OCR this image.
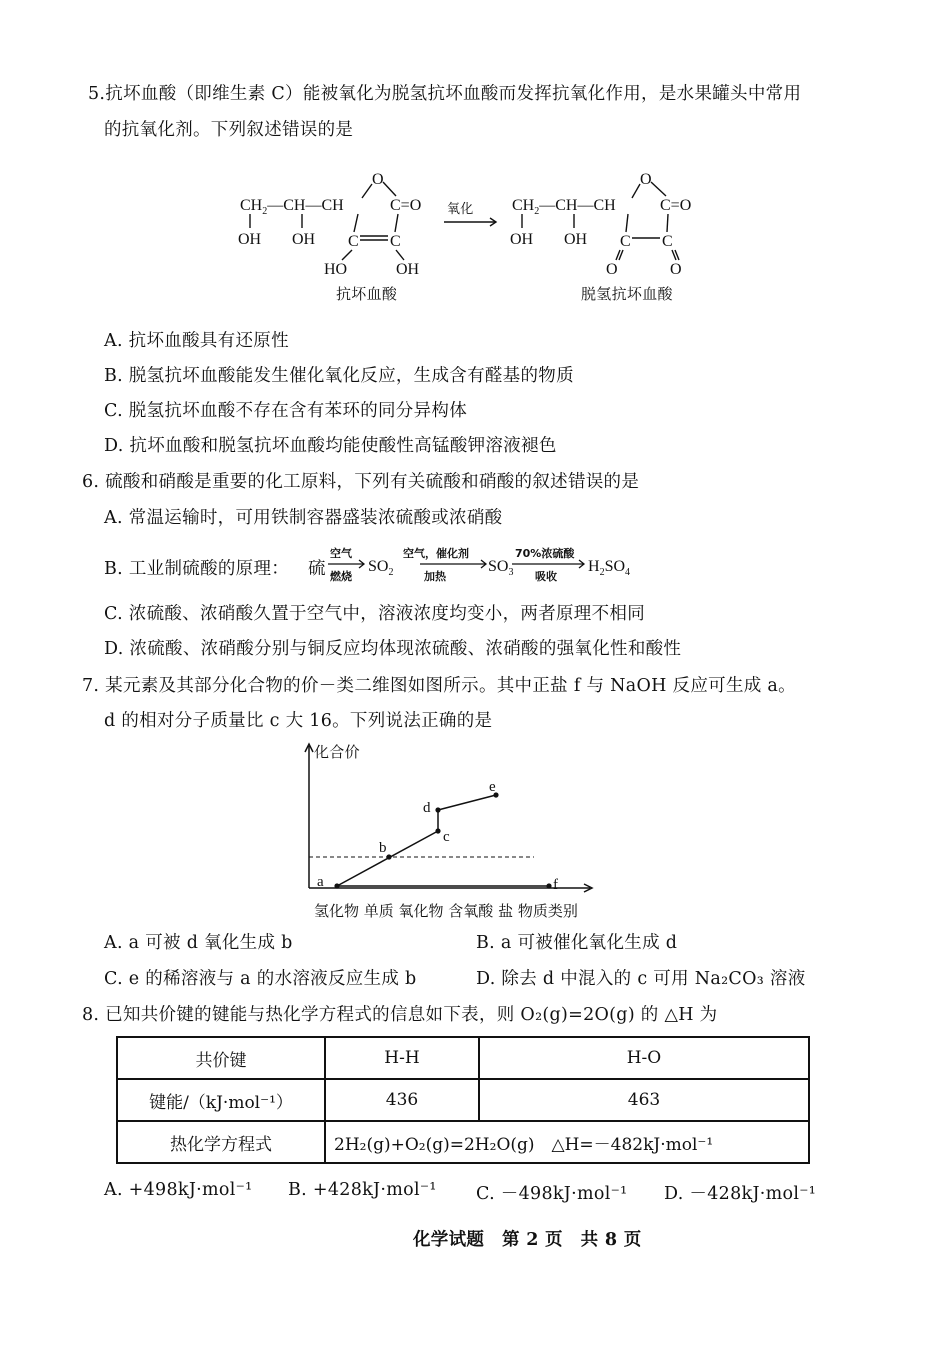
5.抗坏血酸（即维生素 C）能被氧化为脱氢抗坏血酸而发挥抗氧化作用，是水果罐头中常用
的抗氧化剂。下列叙述错误的是
$CH_2—CH—CH$
OH OH
O
C=O
C C
HO	OH
$CH_2—CH—CH$
OH OH
O
C=O
C C
O	O
氧化
抗坏血酸	脱氢抗坏血酸
A. 抗坏血酸具有还原性
B. 脱氢抗坏血酸能发生催化氧化反应，生成含有醛基的物质
C. 脱氢抗坏血酸不存在含有苯环的同分异构体
D. 抗坏血酸和脱氢抗坏血酸均能使酸性高锰酸钾溶液褪色
6. 硫酸和硝酸是重要的化工原料，下列有关硫酸和硝酸的叙述错误的是
A. 常温运输时，可用铁制容器盛装浓硫酸或浓硝酸
B. 工业制硫酸的原理： 硫	$SO_2$	$SO_3$	$H_2SO_4$
空气
燃烧
空气，催化剂
加热
70%浓硫酸
吸收
C. 浓硫酸、浓硝酸久置于空气中，溶液浓度均变小，两者原理不相同
D. 浓硫酸、浓硝酸分别与铜反应均体现浓硫酸、浓硝酸的强氧化性和酸性
7. 某元素及其部分化合物的价－类二维图如图所示。其中正盐 f 与 NaOH 反应可生成 a。
d 的相对分子质量比 c 大 16。下列说法正确的是
a
b
c
d
e
f
化合价
氢化物 单质 氧化物 含氧酸 盐 物质类别
A. a 可被 d 氧化生成 b	B. a 可被催化氧化生成 d
C. e 的稀溶液与 a 的水溶液反应生成 b	D. 除去 d 中混入的 c 可用 Na₂CO₃ 溶液
8. 已知共价键的键能与热化学方程式的信息如下表，则 O₂(g)=2O(g) 的 △H 为
共价键	H-H	H-O
键能/（kJ·mol⁻¹）	436	463
热化学方程式	2H₂(g)+O₂(g)=2H₂O(g)　△H=－482kJ·mol⁻¹	
A. +498kJ·mol⁻¹ B. +428kJ·mol⁻¹ C. －498kJ·mol⁻¹ D. －428kJ·mol⁻¹
化学试题　第 2 页　共 8 页
